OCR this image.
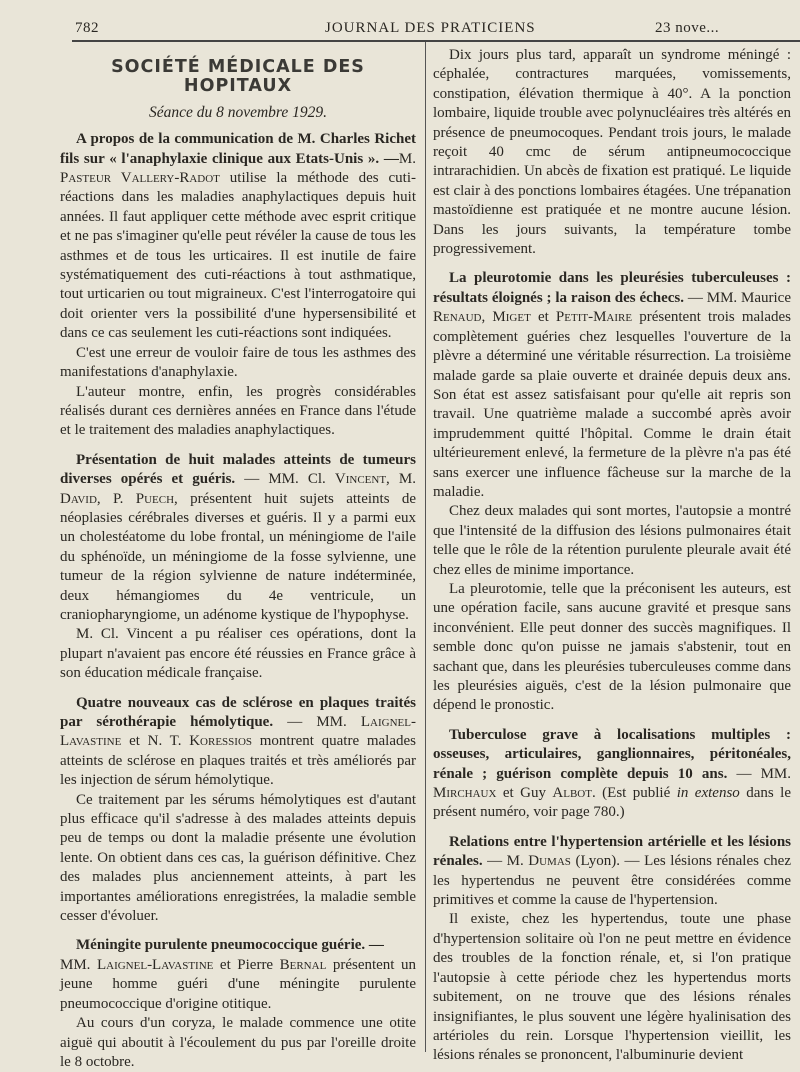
782	JOURNAL DES PRATICIENS	23 nove...
SOCIÉTÉ MÉDICALE DES HOPITAUX
Séance du 8 novembre 1929.

A propos de la communication de M. Charles Richet fils sur « l'anaphylaxie clinique aux Etats-Unis ». —M. Pasteur Vallery-Radot utilise la méthode des cuti-réactions dans les maladies anaphylactiques depuis huit années. Il faut appliquer cette méthode avec esprit critique et ne pas s'imaginer qu'elle peut révéler la cause de tous les asthmes et de tous les urticaires. Il est inutile de faire systématiquement des cuti-réactions à tout asthmatique, tout urticarien ou tout migraineux. C'est l'interrogatoire qui doit orienter vers la possibilité d'une hypersensibilité et dans ce cas seulement les cuti-réactions sont indiquées.

C'est une erreur de vouloir faire de tous les asthmes des manifestations d'anaphylaxie.

L'auteur montre, enfin, les progrès considérables réalisés durant ces dernières années en France dans l'étude et le traitement des maladies anaphylactiques.

Présentation de huit malades atteints de tumeurs diverses opérés et guéris. — MM. Cl. Vincent, M. David, P. Puech, présentent huit sujets atteints de néoplasies cérébrales diverses et guéris. Il y a parmi eux un cholestéatome du lobe frontal, un méningiome de l'aile du sphénoïde, un méningiome de la fosse sylvienne, une tumeur de la région sylvienne de nature indéterminée, deux hémangiomes du 4e ventricule, un craniopharyngiome, un adénome kystique de l'hypophyse.

M. Cl. Vincent a pu réaliser ces opérations, dont la plupart n'avaient pas encore été réussies en France grâce à son éducation médicale française.

Quatre nouveaux cas de sclérose en plaques traités par sérothérapie hémolytique. — MM. Laignel-Lavastine et N. T. Koressios montrent quatre malades atteints de sclérose en plaques traités et très améliorés par les injection de sérum hémolytique.

Ce traitement par les sérums hémolytiques est d'autant plus efficace qu'il s'adresse à des malades atteints depuis peu de temps ou dont la maladie présente une évolution lente. On obtient dans ces cas, la guérison définitive. Chez des malades plus anciennement atteints, à part les importantes améliorations enregistrées, la maladie semble cesser d'évoluer.

Méningite purulente pneumococcique guérie. —

MM. Laignel-Lavastine et Pierre Bernal présentent un jeune homme guéri d'une méningite purulente pneumococcique d'origine otitique.

Au cours d'un coryza, le malade commence une otite aiguë qui aboutit à l'écoulement du pus par l'oreille droite le 8 octobre.

Dix jours plus tard, apparaît un syndrome méningé : céphalée, contractures marquées, vomissements, constipation, élévation thermique à 40°. A la ponction lombaire, liquide trouble avec polynucléaires très altérés en présence de pneumocoques. Pendant trois jours, le malade reçoit 40 cmc de sérum antipneumococcique intrarachidien. Un abcès de fixation est pratiqué. Le liquide est clair à des ponctions lombaires étagées. Une trépanation mastoïdienne est pratiquée et ne montre aucune lésion. Dans les jours suivants, la température tombe progressivement.

La pleurotomie dans les pleurésies tuberculeuses : résultats éloignés ; la raison des échecs. — MM. Maurice Renaud, Miget et Petit-Maire présentent trois malades complètement guéries chez lesquelles l'ouverture de la plèvre a déterminé une véritable résurrection. La troisième malade garde sa plaie ouverte et drainée depuis deux ans. Son état est assez satisfaisant pour qu'elle ait repris son travail. Une quatrième malade a succombé après avoir imprudemment quitté l'hôpital. Comme le drain était ultérieurement enlevé, la fermeture de la plèvre n'a pas été sans exercer une influence fâcheuse sur la marche de la maladie.

Chez deux malades qui sont mortes, l'autopsie a montré que l'intensité de la diffusion des lésions pulmonaires était telle que le rôle de la rétention purulente pleurale avait été chez elles de minime importance.

La pleurotomie, telle que la préconisent les auteurs, est une opération facile, sans aucune gravité et presque sans inconvénient. Elle peut donner des succès magnifiques. Il semble donc qu'on puisse ne jamais s'abstenir, tout en sachant que, dans les pleurésies tuberculeuses comme dans les pleurésies aiguës, c'est de la lésion pulmonaire que dépend le pronostic.

Tuberculose grave à localisations multiples : osseuses, articulaires, ganglionnaires, péritonéales, rénale ; guérison complète depuis 10 ans. — MM. Mirchaux et Guy Albot. (Est publié in extenso dans le présent numéro, voir page 780.)

Relations entre l'hypertension artérielle et les lésions rénales. — M. Dumas (Lyon). — Les lésions rénales chez les hypertendus ne peuvent être considérées comme primitives et comme la cause de l'hypertension.

Il existe, chez les hypertendus, toute une phase d'hypertension solitaire où l'on ne peut mettre en évidence des troubles de la fonction rénale, et, si l'on pratique l'autopsie à cette période chez les hypertendus morts subitement, on ne trouve que des lésions rénales insignifiantes, le plus souvent une légère hyalinisation des artérioles du rein. Lorsque l'hypertension vieillit, les lésions rénales se prononcent, l'albuminurie devient
